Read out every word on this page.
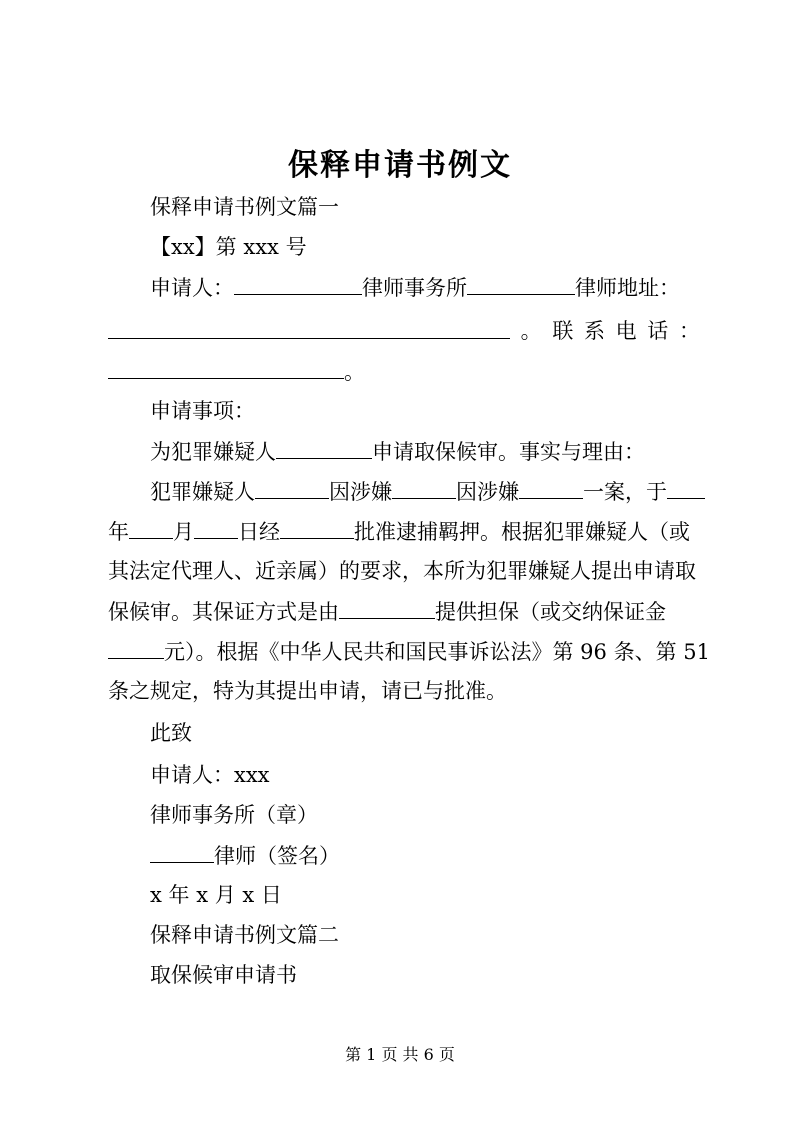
保释申请书例文
保释申请书例文篇一
【xx】第 xxx 号
申请人：	律师事务所	律师地址：
。 联 系 电 话 ：
。
申请事项：
为犯罪嫌疑人	申请取保候审。事实与理由：
犯罪嫌疑人	因涉嫌	因涉嫌	一案，于
年 月 日经	批准逮捕羁押。根据犯罪嫌疑人（或
其法定代理人、近亲属）的要求，本所为犯罪嫌疑人提出申请取
保候审。其保证方式是由	提供担保（或交纳保证金
元）。根据《中华人民共和国民事诉讼法》第 96 条、第 51
条之规定，特为其提出申请，请已与批准。
此致
申请人：xxx
律师事务所（章）
律师（签名）
x 年 x 月 x 日
保释申请书例文篇二
取保候审申请书
第 1 页 共 6 页
